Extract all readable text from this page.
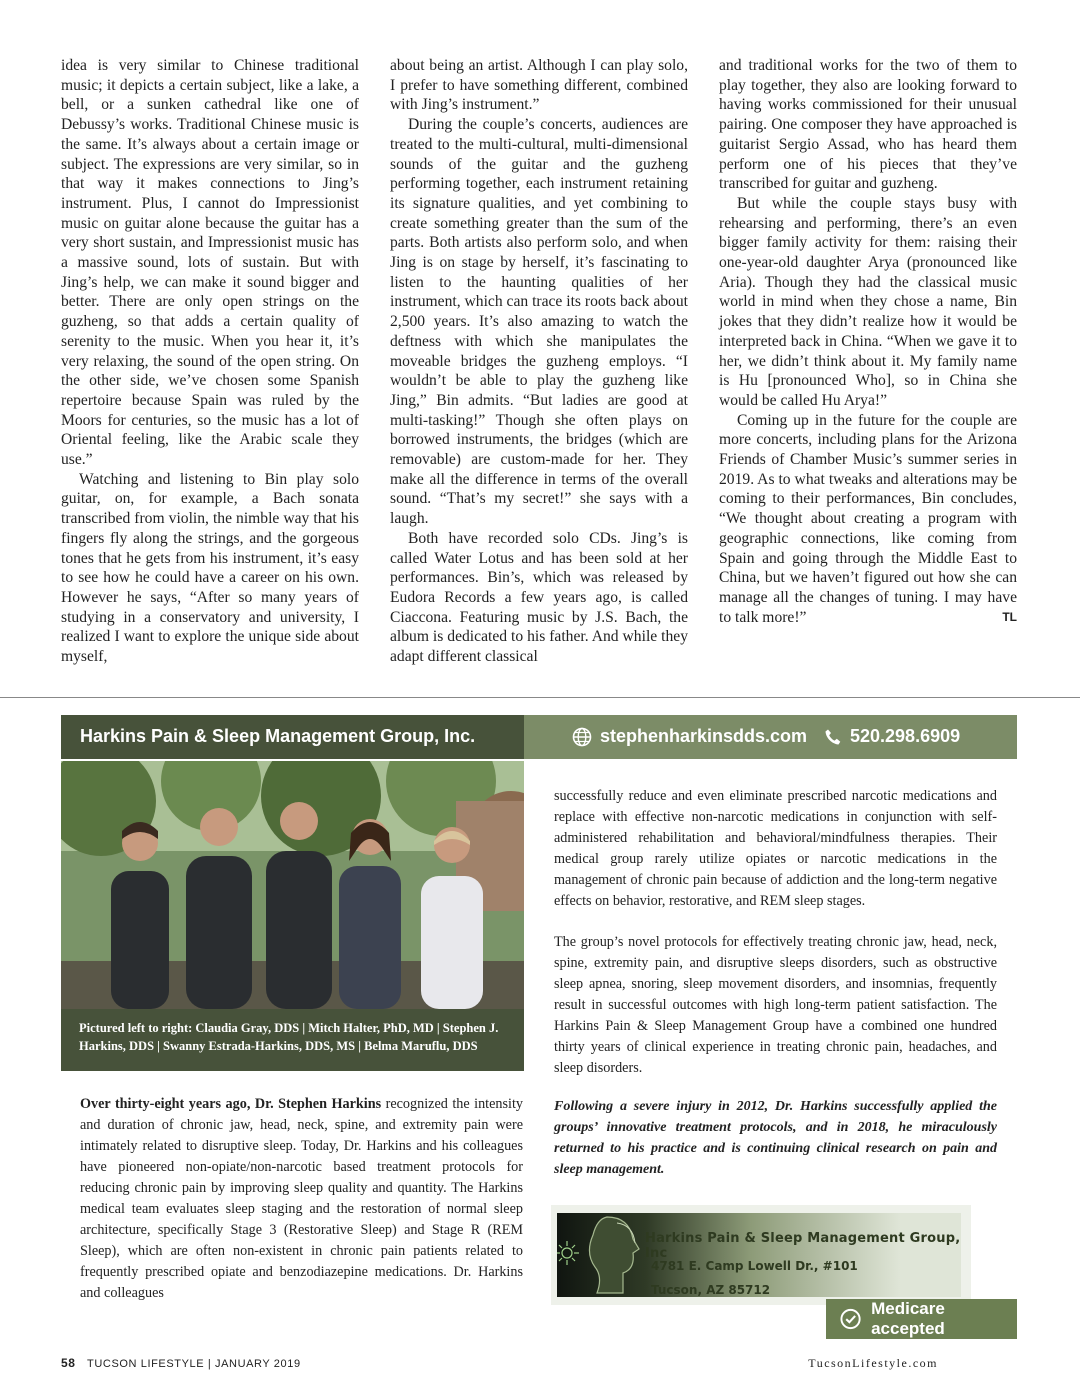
idea is very similar to Chinese traditional music; it depicts a certain subject, like a lake, a bell, or a sunken cathedral like one of Debussy’s works. Traditional Chinese music is the same. It’s always about a certain image or subject. The expressions are very similar, so in that way it makes connections to Jing’s instrument. Plus, I cannot do Impressionist music on guitar alone because the guitar has a very short sustain, and Impressionist music has a massive sound, lots of sustain. But with Jing’s help, we can make it sound bigger and better. There are only open strings on the guzheng, so that adds a certain quality of serenity to the music. When you hear it, it’s very relaxing, the sound of the open string. On the other side, we’ve chosen some Spanish repertoire because Spain was ruled by the Moors for centuries, so the music has a lot of Oriental feeling, like the Arabic scale they use.”

Watching and listening to Bin play solo guitar, on, for example, a Bach sonata transcribed from violin, the nimble way that his fingers fly along the strings, and the gorgeous tones that he gets from his instrument, it’s easy to see how he could have a career on his own. However he says, “After so many years of studying in a conservatory and university, I realized I want to explore the unique side about myself,

about being an artist. Although I can play solo, I prefer to have something different, combined with Jing’s instrument.”

During the couple’s concerts, audiences are treated to the multi-cultural, multi-dimensional sounds of the guitar and the guzheng performing together, each instrument retaining its signature qualities, and yet combining to create something greater than the sum of the parts. Both artists also perform solo, and when Jing is on stage by herself, it’s fascinating to listen to the haunting qualities of her instrument, which can trace its roots back about 2,500 years. It’s also amazing to watch the deftness with which she manipulates the moveable bridges the guzheng employs. “I wouldn’t be able to play the guzheng like Jing,” Bin admits. “But ladies are good at multi-tasking!” Though she often plays on borrowed instruments, the bridges (which are removable) are custom-made for her. They make all the difference in terms of the overall sound. “That’s my secret!” she says with a laugh.

Both have recorded solo CDs. Jing’s is called Water Lotus and has been sold at her performances. Bin’s, which was released by Eudora Records a few years ago, is called Ciaccona. Featuring music by J.S. Bach, the album is dedicated to his father. And while they adapt different classical

and traditional works for the two of them to play together, they also are looking forward to having works commissioned for their unusual pairing. One composer they have approached is guitarist Sergio Assad, who has heard them perform one of his pieces that they’ve transcribed for guitar and guzheng.

But while the couple stays busy with rehearsing and performing, there’s an even bigger family activity for them: raising their one-year-old daughter Arya (pronounced like Aria). Though they had the classical music world in mind when they chose a name, Bin jokes that they didn’t realize how it would be interpreted back in China. “When we gave it to her, we didn’t think about it. My family name is Hu [pronounced Who], so in China she would be called Hu Arya!”

Coming up in the future for the couple are more concerts, including plans for the Arizona Friends of Chamber Music’s summer series in 2019. As to what tweaks and alterations may be coming to their performances, Bin concludes, “We thought about creating a program with geographic connections, like coming from Spain and going through the Middle East to China, but we haven’t figured out how she can manage all the changes of tuning. I may have to talk more!”	TL

Harkins Pain & Sleep Management Group, Inc.	stephenharkinsdds.com 520.298.6909
Pictured left to right: Claudia Gray, DDS | Mitch Halter, PhD, MD | Stephen J. Harkins, DDS | Swanny Estrada-Harkins, DDS, MS | Belma Maruflu, DDS

successfully reduce and even eliminate prescribed narcotic medications and replace with effective non-narcotic medications in conjunction with self-administered rehabilitation and behavioral/mindfulness therapies. Their medical group rarely utilize opiates or narcotic medications in the management of chronic pain because of addiction and the long-term negative effects on behavior, restorative, and REM sleep stages.

The group’s novel protocols for effectively treating chronic jaw, head, neck, spine, extremity pain, and disruptive sleeps disorders, such as obstructive sleep apnea, snoring, sleep movement disorders, and insomnias, frequently result in successful outcomes with high long-term patient satisfaction. The Harkins Pain & Sleep Management Group have a combined one hundred thirty years of clinical experience in treating chronic pain, headaches, and sleep disorders.

Over thirty-eight years ago, Dr. Stephen Harkins recognized the intensity and duration of chronic jaw, head, neck, spine, and extremity pain were intimately related to disruptive sleep. Today, Dr. Harkins and his colleagues have pioneered non-opiate/non-narcotic based treatment protocols for reducing chronic pain by improving sleep quality and quantity. The Harkins medical team evaluates sleep staging and the restoration of normal sleep architecture, specifically Stage 3 (Restorative Sleep) and Stage R (REM Sleep), which are often non-existent in chronic pain patients related to frequently prescribed opiate and benzodiazepine medications. Dr. Harkins and colleagues
Following a severe injury in 2012, Dr. Harkins successfully applied the groups’ innovative treatment protocols, and in 2018, he miraculously returned to his practice and is continuing clinical research on pain and sleep management.
Harkins Pain & Sleep Management Group, Inc
4781 E. Camp Lowell Dr., #101
Tucson, AZ 85712
Medicare accepted
58 TUCSON LIFESTYLE | JANUARY 2019	TucsonLifestyle.com
